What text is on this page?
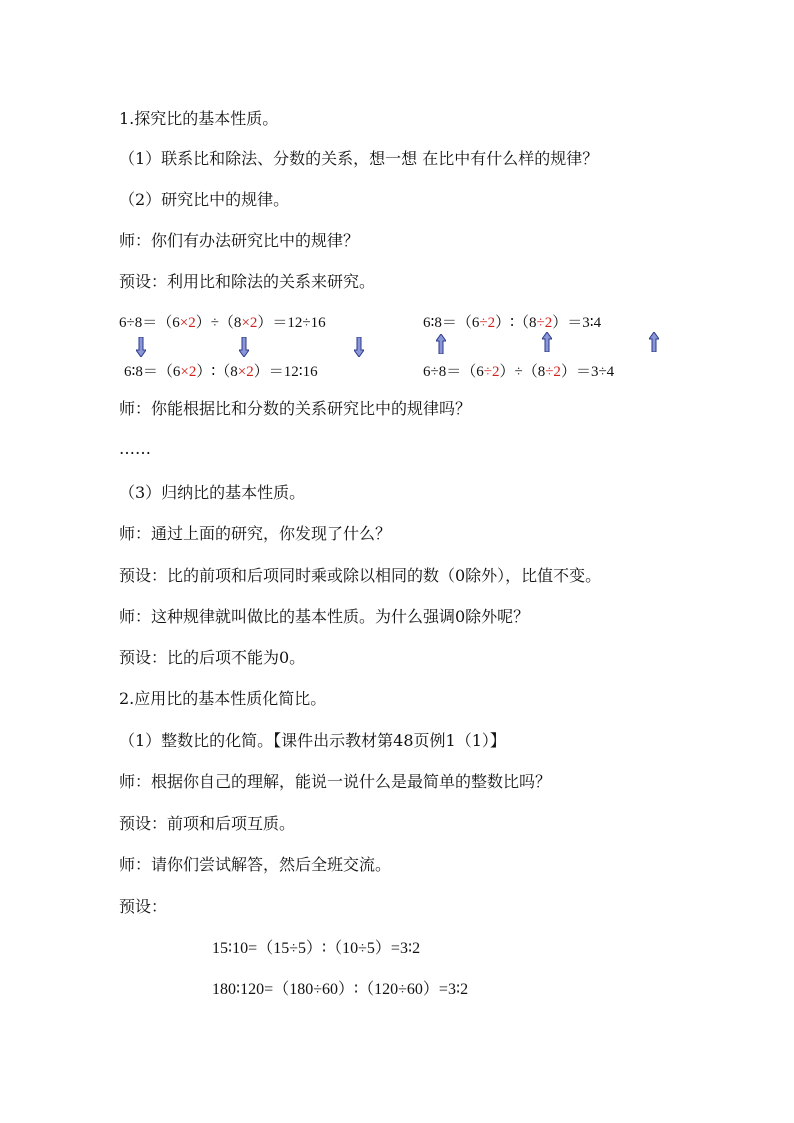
1.探究比的基本性质。
（1）联系比和除法、分数的关系，想一想 在比中有什么样的规律？
（2）研究比中的规律。
师：你们有办法研究比中的规律？
预设：利用比和除法的关系来研究。
6÷8＝（6×2）÷（8×2）＝12÷16
6∶8＝（6×2）∶（8×2）＝12∶16
6∶8＝（6÷2）∶（8÷2）＝3∶4
6÷8＝（6÷2）÷（8÷2）＝3÷4
师：你能根据比和分数的关系研究比中的规律吗？
……
（3）归纳比的基本性质。
师：通过上面的研究，你发现了什么？
预设：比的前项和后项同时乘或除以相同的数（0除外），比值不变。
师：这种规律就叫做比的基本性质。为什么强调0除外呢？
预设：比的后项不能为0。
2.应用比的基本性质化简比。
（1）整数比的化简。【课件出示教材第48页例1（1）】
师：根据你自己的理解，能说一说什么是最简单的整数比吗？
预设：前项和后项互质。
师：请你们尝试解答，然后全班交流。
预设：
15∶10=（15÷5）∶（10÷5）=3∶2
180∶120=（180÷60）∶（120÷60）=3∶2
